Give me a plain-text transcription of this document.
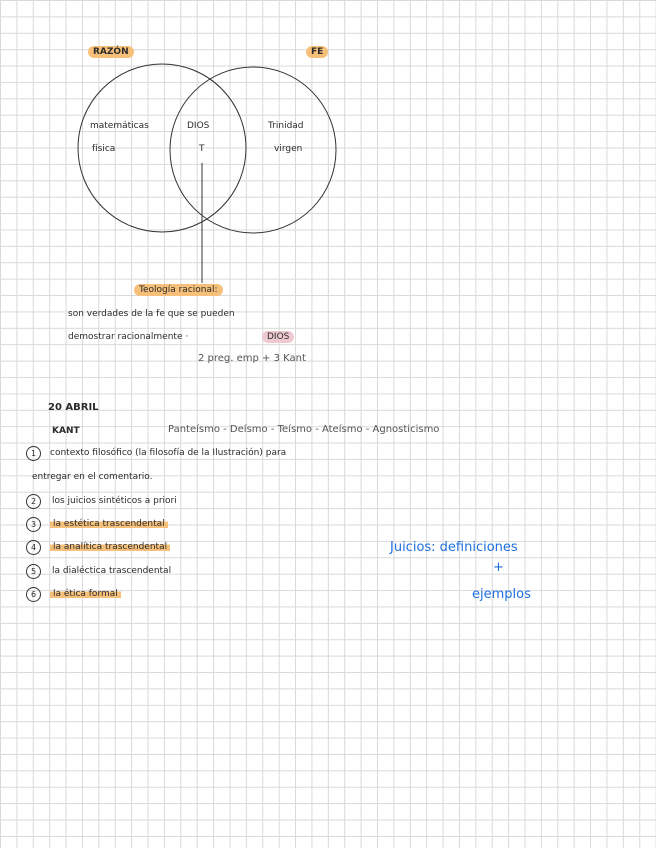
RAZÓN	FE
matemáticas
física
DIOS
T
Trinidad
virgen
Teología racional:
son verdades de la fe que se pueden
demostrar racionalmente ·	DIOS
2 preg. emp + 3 Kant
20 ABRIL
KANT	Panteísmo - Deísmo - Teísmo - Ateísmo - Agnosticismo
1	contexto filosófico (la filosofía de la Ilustración) para
entregar en el comentario.
2	los juicios sintéticos a priori
3	la estética trascendental
4	la analítica trascendental
5	la dialéctica trascendental
6	la ética formal
Juicios: definiciones
+
ejemplos
